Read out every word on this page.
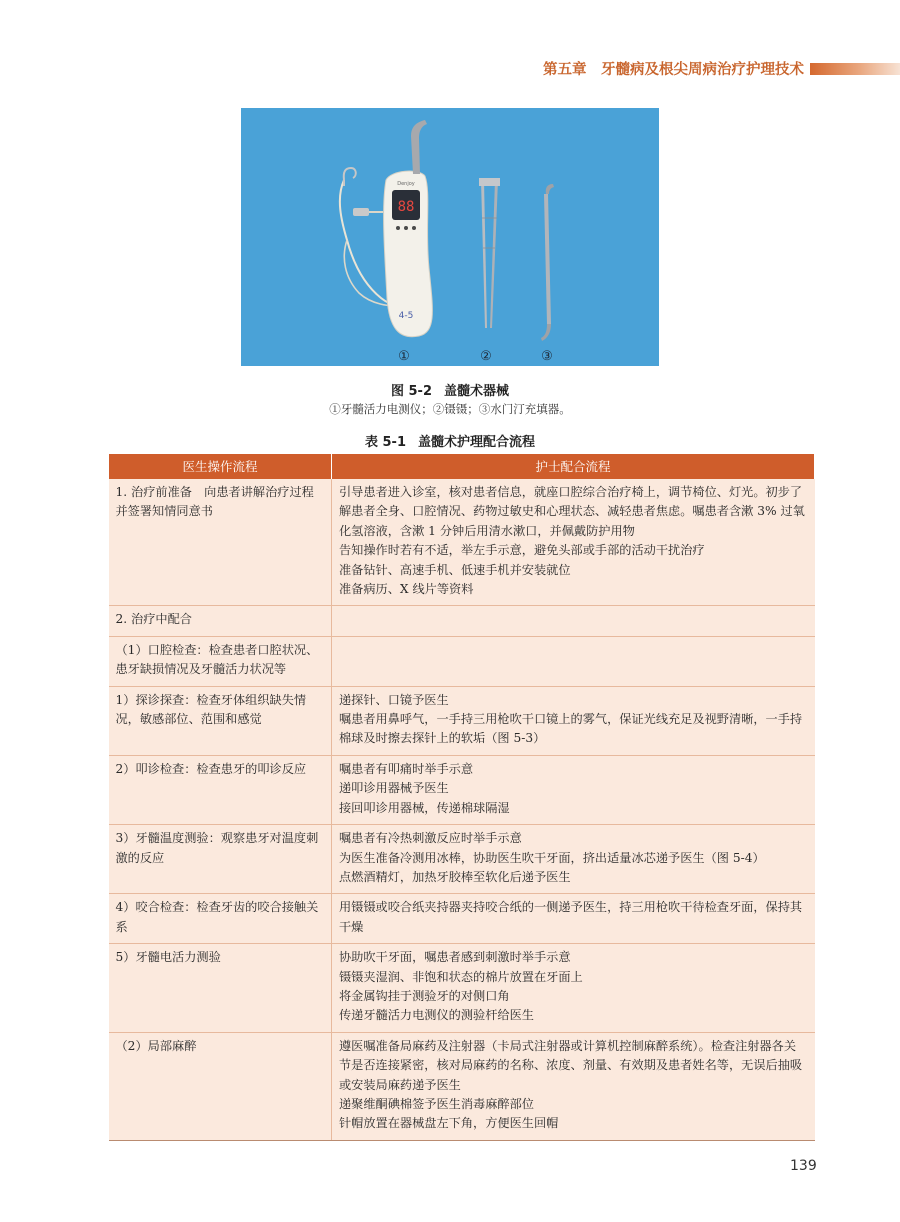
第五章　牙髓病及根尖周病治疗护理技术
88
Denjoy
4-5
①	②	③
图 5-2 盖髓术器械
①牙髓活力电测仪；②镊镊；③水门汀充填器。
表 5-1 盖髓术护理配合流程
医生操作流程	护士配合流程
1. 治疗前准备　向患者讲解治疗过程并签署知情同意书	引导患者进入诊室，核对患者信息，就座口腔综合治疗椅上，调节椅位、灯光。初步了解患者全身、口腔情况、药物过敏史和心理状态、减轻患者焦虑。嘱患者含漱 3% 过氧化氢溶液，含漱 1 分钟后用清水漱口，并佩戴防护用物
告知操作时若有不适，举左手示意，避免头部或手部的活动干扰治疗
准备钻针、高速手机、低速手机并安装就位
准备病历、X 线片等资料

2. 治疗中配合	
（1）口腔检查：检查患者口腔状况、患牙缺损情况及牙髓活力状况等	
1）探诊探查：检查牙体组织缺失情况，敏感部位、范围和感觉	递探针、口镜予医生
嘱患者用鼻呼气，一手持三用枪吹干口镜上的雾气，保证光线充足及视野清晰，一手持棉球及时擦去探针上的软垢（图 5-3）

2）叩诊检查：检查患牙的叩诊反应	嘱患者有叩痛时举手示意
递叩诊用器械予医生
接回叩诊用器械，传递棉球隔湿

3）牙髓温度测验：观察患牙对温度刺激的反应	嘱患者有冷热刺激反应时举手示意
为医生准备冷测用冰棒，协助医生吹干牙面，挤出适量冰芯递予医生（图 5-4）
点燃酒精灯，加热牙胶棒至软化后递予医生

4）咬合检查：检查牙齿的咬合接触关系	用镊镊或咬合纸夹持器夹持咬合纸的一侧递予医生，持三用枪吹干待检查牙面，保持其干燥

5）牙髓电活力测验	协助吹干牙面，嘱患者感到刺激时举手示意
镊镊夹湿润、非饱和状态的棉片放置在牙面上
将金属钩挂于测验牙的对侧口角
传递牙髓活力电测仪的测验杆给医生

（2）局部麻醉	遵医嘱准备局麻药及注射器（卡局式注射器或计算机控制麻醉系统）。检查注射器各关节是否连接紧密，核对局麻药的名称、浓度、剂量、有效期及患者姓名等，无误后抽吸或安装局麻药递予医生
递聚维酮碘棉签予医生消毒麻醉部位
针帽放置在器械盘左下角，方便医生回帽
139
